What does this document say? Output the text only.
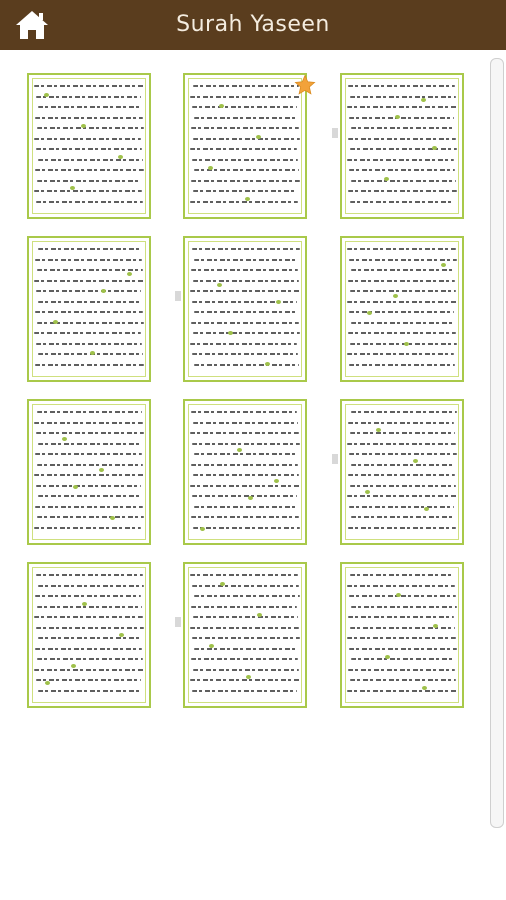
Surah Yaseen
